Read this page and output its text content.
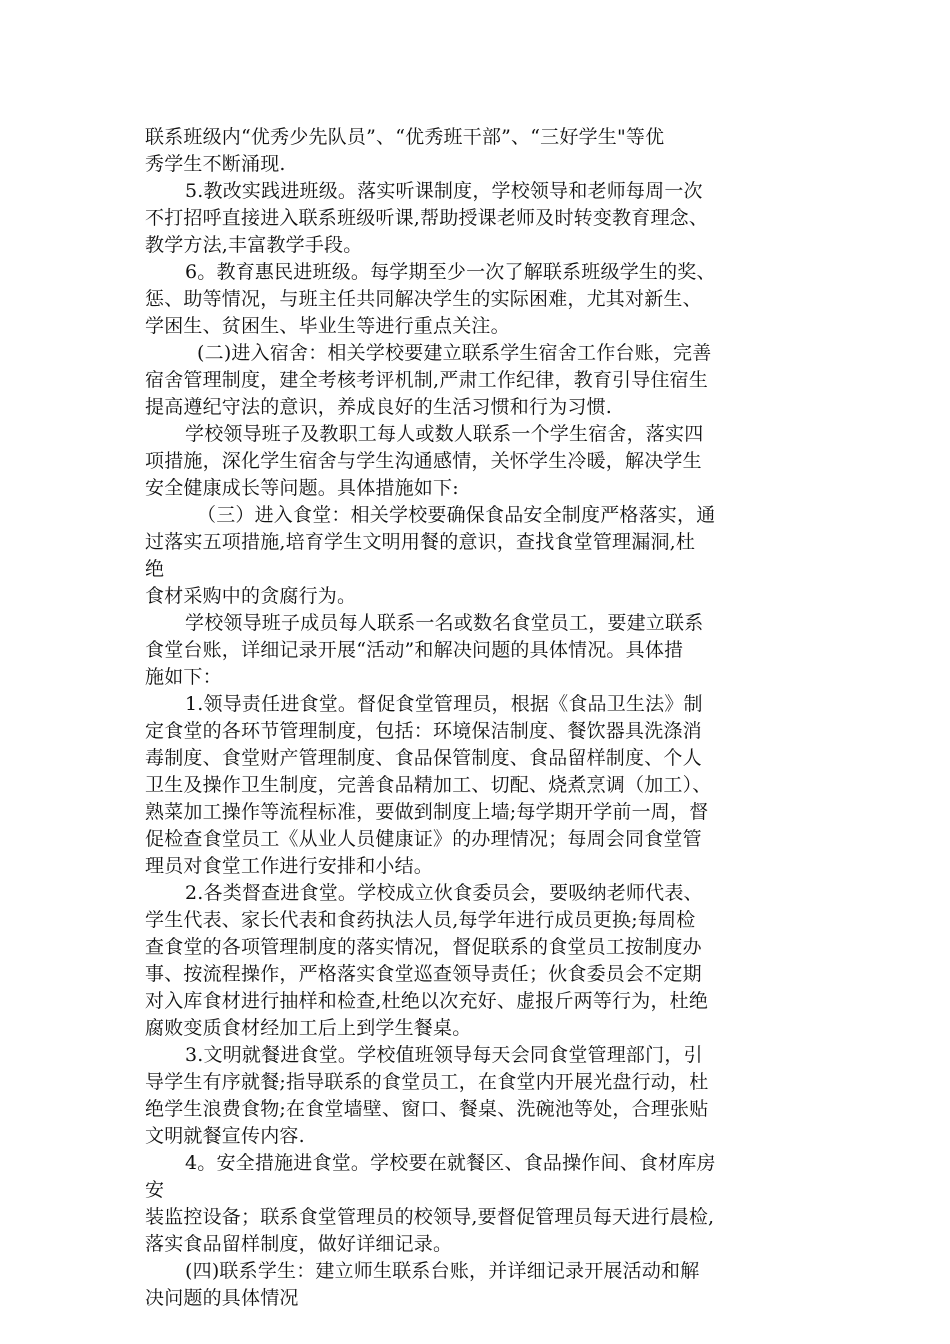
联系班级内“优秀少先队员”、“优秀班干部”、“三好学生"等优
秀学生不断涌现.
5.教改实践进班级。落实听课制度，学校领导和老师每周一次
不打招呼直接进入联系班级听课,帮助授课老师及时转变教育理念、
教学方法,丰富教学手段。
6。教育惠民进班级。每学期至少一次了解联系班级学生的奖、
惩、助等情况，与班主任共同解决学生的实际困难，尤其对新生、
学困生、贫困生、毕业生等进行重点关注。
(二)进入宿舍：相关学校要建立联系学生宿舍工作台账，完善
宿舍管理制度，建全考核考评机制,严肃工作纪律，教育引导住宿生
提高遵纪守法的意识，养成良好的生活习惯和行为习惯.
学校领导班子及教职工每人或数人联系一个学生宿舍，落实四
项措施，深化学生宿舍与学生沟通感情，关怀学生冷暖，解决学生
安全健康成长等问题。具体措施如下:
（三）进入食堂：相关学校要确保食品安全制度严格落实，通
过落实五项措施,培育学生文明用餐的意识，查找食堂管理漏洞,杜
绝
食材采购中的贪腐行为。
学校领导班子成员每人联系一名或数名食堂员工，要建立联系
食堂台账，详细记录开展“活动”和解决问题的具体情况。具体措
施如下：
1.领导责任进食堂。督促食堂管理员，根据《食品卫生法》制
定食堂的各环节管理制度，包括：环境保洁制度、餐饮器具洗涤消
毒制度、食堂财产管理制度、食品保管制度、食品留样制度、个人
卫生及操作卫生制度，完善食品精加工、切配、烧煮烹调（加工）、
熟菜加工操作等流程标准，要做到制度上墙;每学期开学前一周，督
促检查食堂员工《从业人员健康证》的办理情况；每周会同食堂管
理员对食堂工作进行安排和小结。
2.各类督查进食堂。学校成立伙食委员会，要吸纳老师代表、
学生代表、家长代表和食药执法人员,每学年进行成员更换;每周检
查食堂的各项管理制度的落实情况，督促联系的食堂员工按制度办
事、按流程操作，严格落实食堂巡查领导责任；伙食委员会不定期
对入库食材进行抽样和检查,杜绝以次充好、虚报斤两等行为，杜绝
腐败变质食材经加工后上到学生餐桌。
3.文明就餐进食堂。学校值班领导每天会同食堂管理部门，引
导学生有序就餐;指导联系的食堂员工，在食堂内开展光盘行动，杜
绝学生浪费食物;在食堂墙壁、窗口、餐桌、洗碗池等处，合理张贴
文明就餐宣传内容.
4。安全措施进食堂。学校要在就餐区、食品操作间、食材库房
安
装监控设备；联系食堂管理员的校领导,要督促管理员每天进行晨检,
落实食品留样制度，做好详细记录。
(四)联系学生：建立师生联系台账，并详细记录开展活动和解
决问题的具体情况
